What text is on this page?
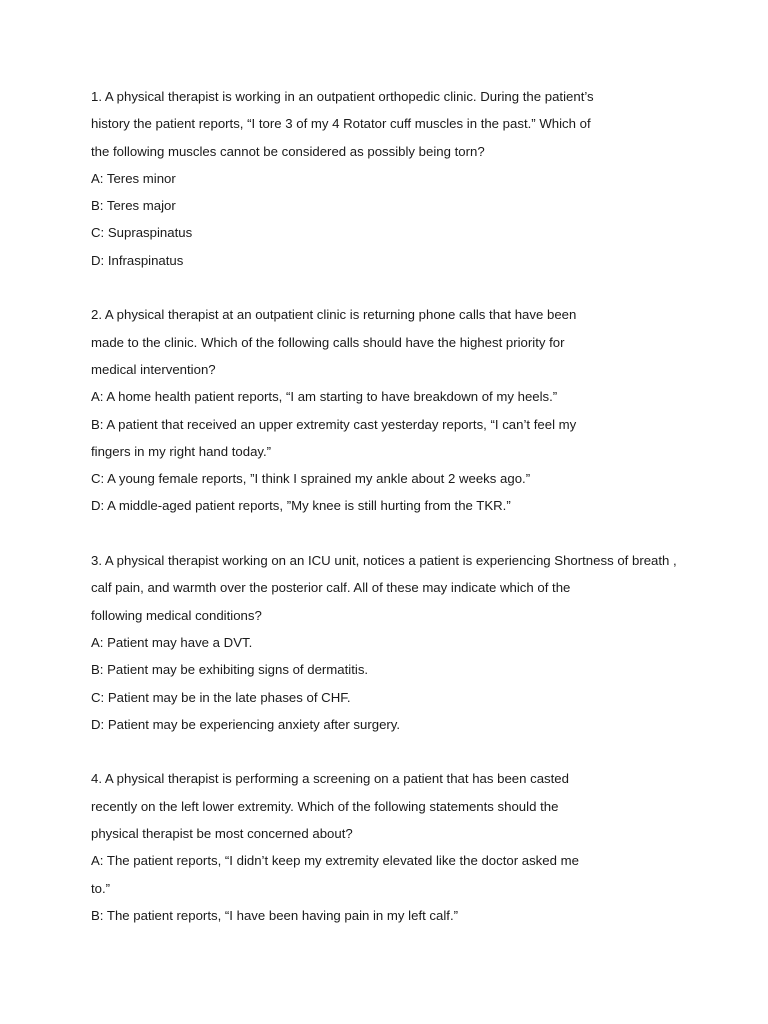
1. A physical therapist is working in an outpatient orthopedic clinic. During the patient’s

history the patient reports, “I tore 3 of my 4 Rotator cuff muscles in the past.” Which of

the following muscles cannot be considered as possibly being torn?

A: Teres minor

B: Teres major

C: Supraspinatus

D: Infraspinatus

2. A physical therapist at an outpatient clinic is returning phone calls that have been

made to the clinic. Which of the following calls should have the highest priority for

medical intervention?

A: A home health patient reports, “I am starting to have breakdown of my heels.”

B: A patient that received an upper extremity cast yesterday reports, “I can’t feel my

fingers in my right hand today.”

C: A young female reports, ”I think I sprained my ankle about 2 weeks ago.”

D: A middle-aged patient reports, ”My knee is still hurting from the TKR.”

3. A physical therapist working on an ICU unit, notices a patient is experiencing Shortness of breath ,

calf pain, and warmth over the posterior calf. All of these may indicate which of the

following medical conditions?

A: Patient may have a DVT.

B: Patient may be exhibiting signs of dermatitis.

C: Patient may be in the late phases of CHF.

D: Patient may be experiencing anxiety after surgery.

4. A physical therapist is performing a screening on a patient that has been casted

recently on the left lower extremity. Which of the following statements should the

physical therapist be most concerned about?

A: The patient reports, “I didn’t keep my extremity elevated like the doctor asked me

to.”

B: The patient reports, “I have been having pain in my left calf.”
